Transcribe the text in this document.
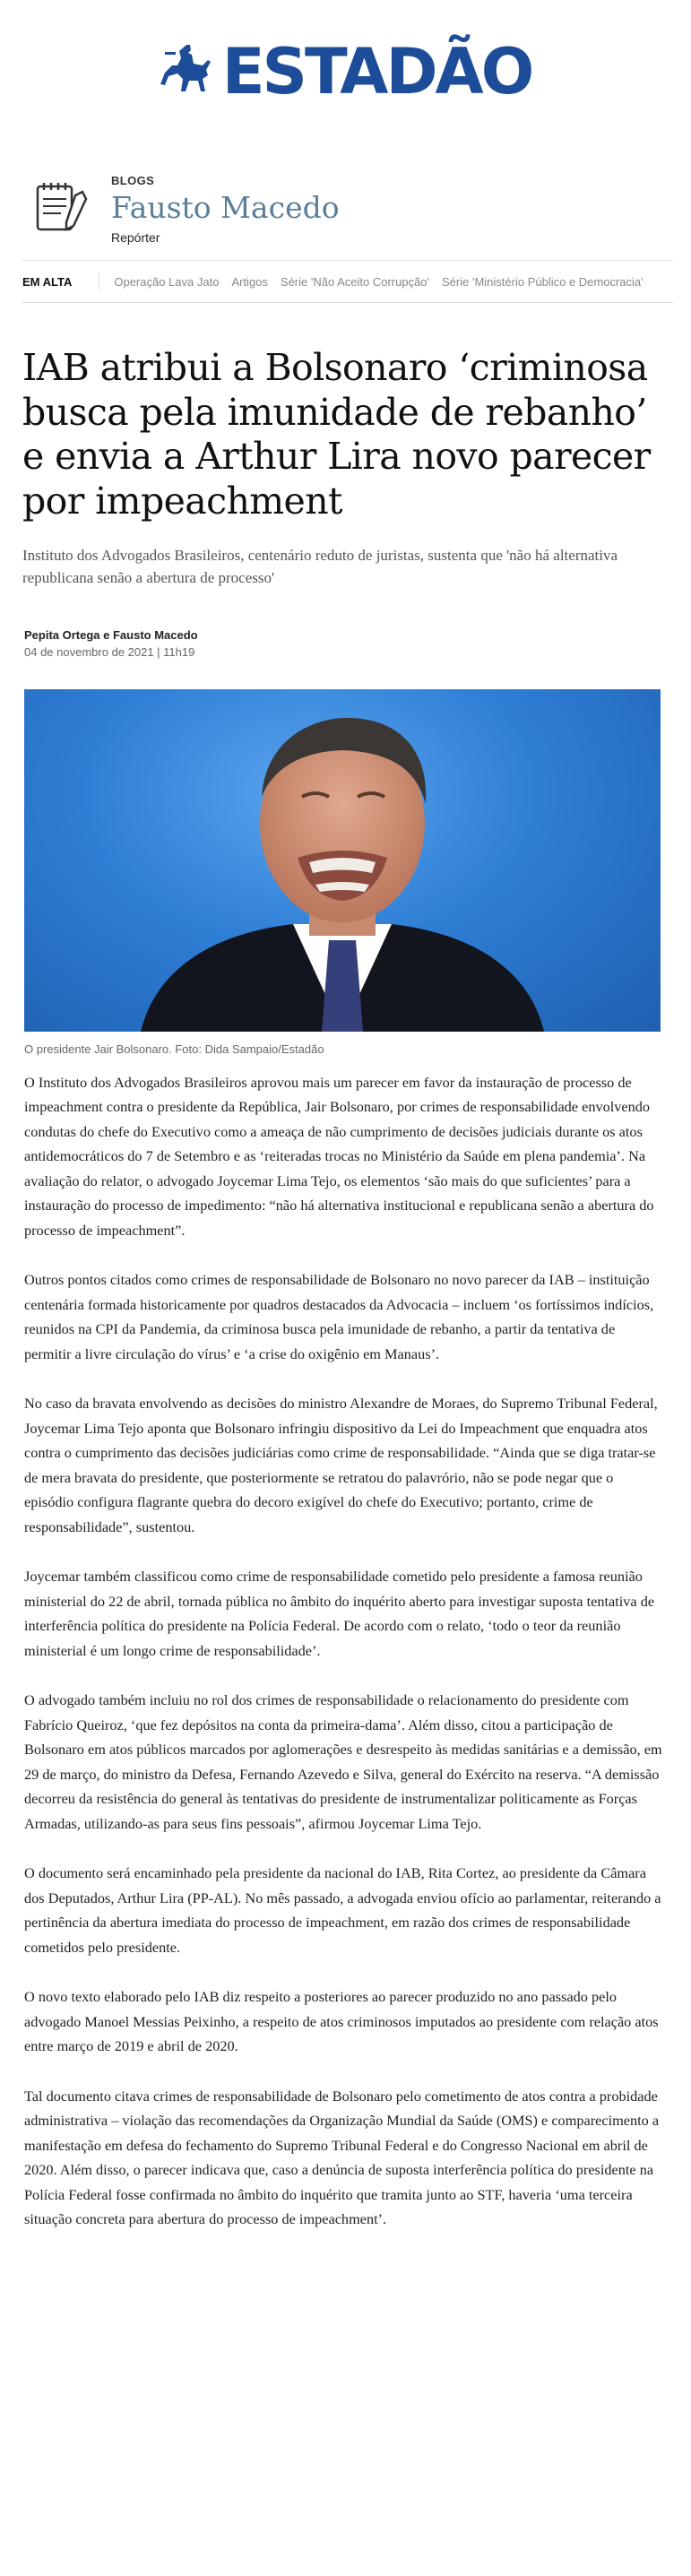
ESTADÃO
BLOGS
Fausto Macedo
Repórter
EM ALTA	Operação Lava Jato Artigos Série 'Não Aceito Corrupção' Série 'Ministério Público e Democracia'
IAB atribui a Bolsonaro ‘criminosa busca pela imunidade de rebanho’ e envia a Arthur Lira novo parecer por impeachment

Instituto dos Advogados Brasileiros, centenário reduto de juristas, sustenta que 'não há alternativa republicana senão a abertura de processo'

Pepita Ortega e Fausto Macedo
04 de novembro de 2021 | 11h19
O presidente Jair Bolsonaro. Foto: Dida Sampaio/Estadão

O Instituto dos Advogados Brasileiros aprovou mais um parecer em favor da instauração de processo de impeachment contra o presidente da República, Jair Bolsonaro, por crimes de responsabilidade envolvendo condutas do chefe do Executivo como a ameaça de não cumprimento de decisões judiciais durante os atos antidemocráticos do 7 de Setembro e as ‘reiteradas trocas no Ministério da Saúde em plena pandemia’. Na avaliação do relator, o advogado Joycemar Lima Tejo, os elementos ‘são mais do que suficientes’ para a instauração do processo de impedimento: “não há alternativa institucional e republicana senão a abertura do processo de impeachment”.

Outros pontos citados como crimes de responsabilidade de Bolsonaro no novo parecer da IAB – instituição centenária formada historicamente por quadros destacados da Advocacia – incluem ‘os fortíssimos indícios, reunidos na CPI da Pandemia, da criminosa busca pela imunidade de rebanho, a partir da tentativa de permitir a livre circulação do vírus’ e ‘a crise do oxigênio em Manaus’.

No caso da bravata envolvendo as decisões do ministro Alexandre de Moraes, do Supremo Tribunal Federal, Joycemar Lima Tejo aponta que Bolsonaro infringiu dispositivo da Lei do Impeachment que enquadra atos contra o cumprimento das decisões judiciárias como crime de responsabilidade. “Ainda que se diga tratar-se de mera bravata do presidente, que posteriormente se retratou do palavrório, não se pode negar que o episódio configura flagrante quebra do decoro exigível do chefe do Executivo; portanto, crime de responsabilidade”, sustentou.

Joycemar também classificou como crime de responsabilidade cometido pelo presidente a famosa reunião ministerial do 22 de abril, tornada pública no âmbito do inquérito aberto para investigar suposta tentativa de interferência política do presidente na Polícia Federal. De acordo com o relato, ‘todo o teor da reunião ministerial é um longo crime de responsabilidade’.

O advogado também incluiu no rol dos crimes de responsabilidade o relacionamento do presidente com Fabrício Queiroz, ‘que fez depósitos na conta da primeira-dama’. Além disso, citou a participação de Bolsonaro em atos públicos marcados por aglomerações e desrespeito às medidas sanitárias e a demissão, em 29 de março, do ministro da Defesa, Fernando Azevedo e Silva, general do Exército na reserva. “A demissão decorreu da resistência do general às tentativas do presidente de instrumentalizar politicamente as Forças Armadas, utilizando-as para seus fins pessoais”, afirmou Joycemar Lima Tejo.

O documento será encaminhado pela presidente da nacional do IAB, Rita Cortez, ao presidente da Câmara dos Deputados, Arthur Lira (PP-AL). No mês passado, a advogada enviou ofício ao parlamentar, reiterando a pertinência da abertura imediata do processo de impeachment, em razão dos crimes de responsabilidade cometidos pelo presidente.

O novo texto elaborado pelo IAB diz respeito a posteriores ao parecer produzido no ano passado pelo advogado Manoel Messias Peixinho, a respeito de atos criminosos imputados ao presidente com relação atos entre março de 2019 e abril de 2020.

Tal documento citava crimes de responsabilidade de Bolsonaro pelo cometimento de atos contra a probidade administrativa – violação das recomendações da Organização Mundial da Saúde (OMS) e comparecimento a manifestação em defesa do fechamento do Supremo Tribunal Federal e do Congresso Nacional em abril de 2020. Além disso, o parecer indicava que, caso a denúncia de suposta interferência política do presidente na Polícia Federal fosse confirmada no âmbito do inquérito que tramita junto ao STF, haveria ‘uma terceira situação concreta para abertura do processo de impeachment’.
